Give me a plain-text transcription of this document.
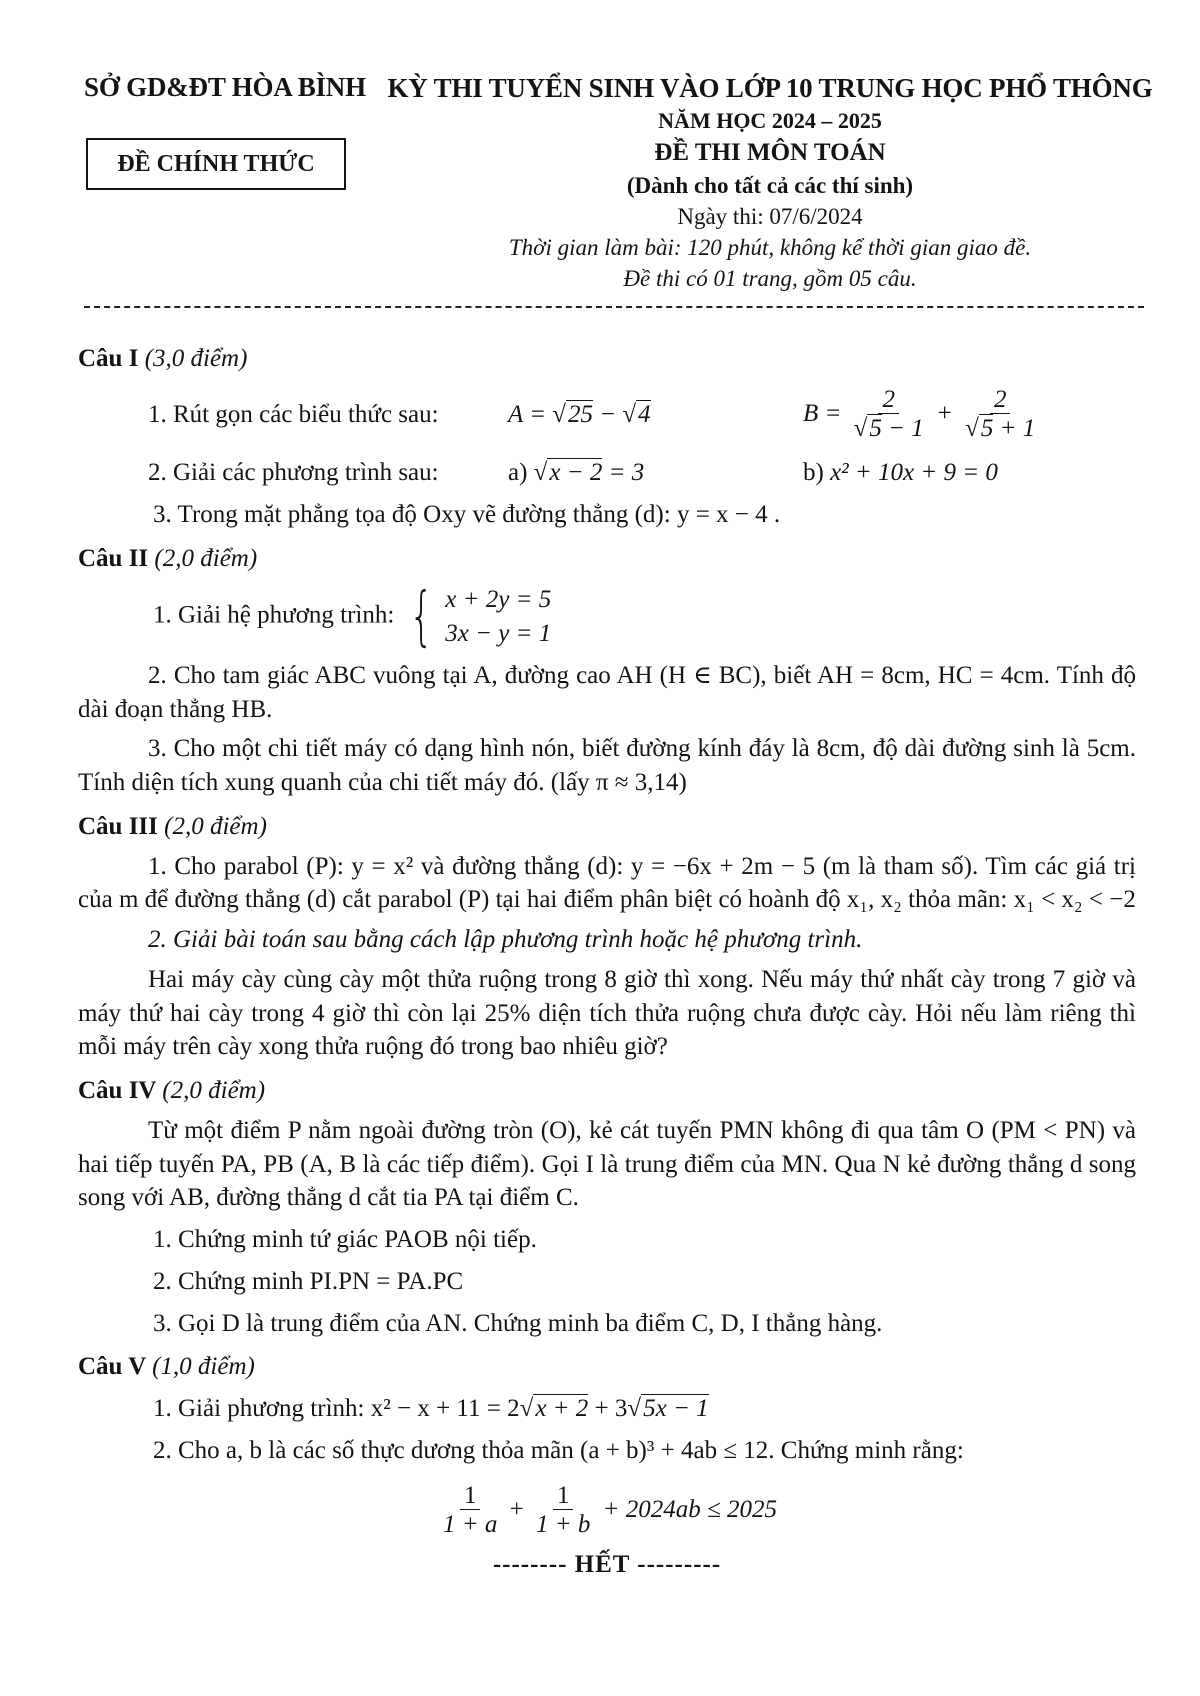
SỞ GD&ĐT HÒA BÌNH
ĐỀ CHÍNH THỨC
KỲ THI TUYỂN SINH VÀO LỚP 10 TRUNG HỌC PHỔ THÔNG
NĂM HỌC 2024 – 2025
ĐỀ THI MÔN TOÁN
(Dành cho tất cả các thí sinh)
Ngày thi: 07/6/2024
Thời gian làm bài: 120 phút, không kể thời gian giao đề.
Đề thi có 01 trang, gồm 05 câu.
Câu I (3,0 điểm)
1. Rút gọn các biểu thức sau:	A = √25 − √4	$B = \frac{2}{√5 - 1} + \frac{2}{√5 + 1}$
2. Giải các phương trình sau:	a) √x − 2 = 3	b) x² + 10x + 9 = 0
3. Trong mặt phẳng tọa độ Oxy vẽ đường thẳng (d): y = x − 4 .
Câu II (2,0 điểm)
1. Giải hệ phương trình: { x + 2y = 5
3x − y = 1
2. Cho tam giác ABC vuông tại A, đường cao AH (H ∈ BC), biết AH = 8cm, HC = 4cm. Tính độ dài đoạn thẳng HB.
3. Cho một chi tiết máy có dạng hình nón, biết đường kính đáy là 8cm, độ dài đường sinh là 5cm. Tính diện tích xung quanh của chi tiết máy đó. (lấy π ≈ 3,14)
Câu III (2,0 điểm)
1. Cho parabol (P): y = x² và đường thẳng (d): y = −6x + 2m − 5 (m là tham số). Tìm các giá trị của m để đường thẳng (d) cắt parabol (P) tại hai điểm phân biệt có hoành độ x₁, x₂ thỏa mãn: x₁ < x₂ < −2
2. Giải bài toán sau bằng cách lập phương trình hoặc hệ phương trình.
Hai máy cày cùng cày một thửa ruộng trong 8 giờ thì xong. Nếu máy thứ nhất cày trong 7 giờ và máy thứ hai cày trong 4 giờ thì còn lại 25% diện tích thửa ruộng chưa được cày. Hỏi nếu làm riêng thì mỗi máy trên cày xong thửa ruộng đó trong bao nhiêu giờ?
Câu IV (2,0 điểm)
Từ một điểm P nằm ngoài đường tròn (O), kẻ cát tuyến PMN không đi qua tâm O (PM < PN) và hai tiếp tuyến PA, PB (A, B là các tiếp điểm). Gọi I là trung điểm của MN. Qua N kẻ đường thẳng d song song với AB, đường thẳng d cắt tia PA tại điểm C.
1. Chứng minh tứ giác PAOB nội tiếp.
2. Chứng minh PI.PN = PA.PC
3. Gọi D là trung điểm của AN. Chứng minh ba điểm C, D, I thẳng hàng.
Câu V (1,0 điểm)
1. Giải phương trình: x² − x + 11 = 2√x + 2 + 3√5x − 1
2. Cho a, b là các số thực dương thỏa mãn (a + b)³ + 4ab ≤ 12. Chứng minh rằng:
$\frac{1}{1 + a} + \frac{1}{1 + b} + 2024ab \le 2025$
-------- HẾT ---------
